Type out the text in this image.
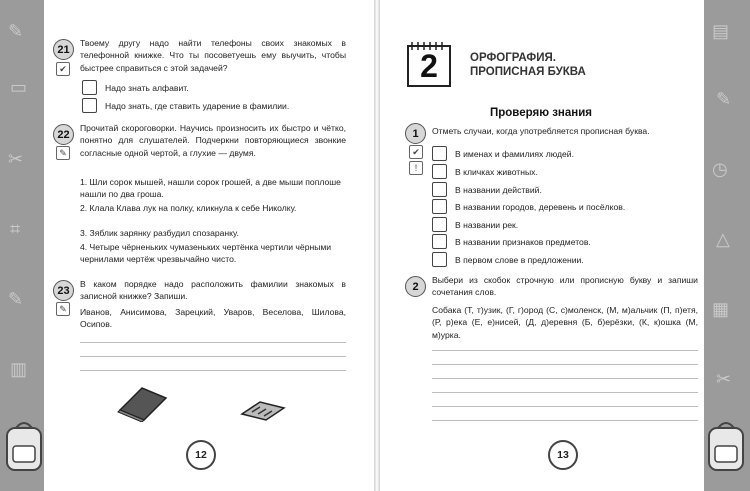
✎
▭
✂
⌗
✎
▥
▤
✎
◷
△
▦
✂
21
✔
Твоему другу надо найти телефоны своих знакомых в телефонной книжке. Что ты посоветуешь ему выучить, чтобы быстрее справиться с этой задачей?
Надо знать алфавит.
Надо знать, где ставить ударение в фамилии.
22
✎
Прочитай скороговорки. Научись произносить их быстро и чётко, понятно для слушателей. Подчеркни повторяющиеся звонкие согласные одной чертой, а глухие — двумя.
1. Шли сорок мышей, нашли сорок грошей, а две мыши поплоше нашли по два гроша.
2. Клала Клава лук на полку, кликнула к себе Николку.
3. Зяблик зарянку разбудил спозаранку.
4. Четыре чёрненьких чумазеньких чертёнка чертили чёрными чернилами чертёж чрезвычайно чисто.
23
✎
В каком порядке надо расположить фамилии знакомых в записной книжке? Запиши.
Иванов, Анисимова, Зарецкий, Уваров, Веселова, Шилова, Осипов.
12
2	ОРФОГРАФИЯ. ПРОПИСНАЯ БУКВА
Проверяю знания
1
✔
!
Отметь случаи, когда употребляется прописная буква.
В именах и фамилиях людей.
В кличках животных.
В названии действий.
В названии городов, деревень и посёлков.
В названии рек.
В названии признаков предметов.
В первом слове в предложении.
2
Выбери из скобок строчную или прописную букву и запиши сочетания слов.
Собака (Т, т)узик, (Г, г)ород (С, с)моленск, (М, м)альчик (П, п)етя, (Р, р)ека (Е, е)нисей, (Д, д)еревня (Б, б)ерёзки, (К, к)ошка (М, м)урка.
13
